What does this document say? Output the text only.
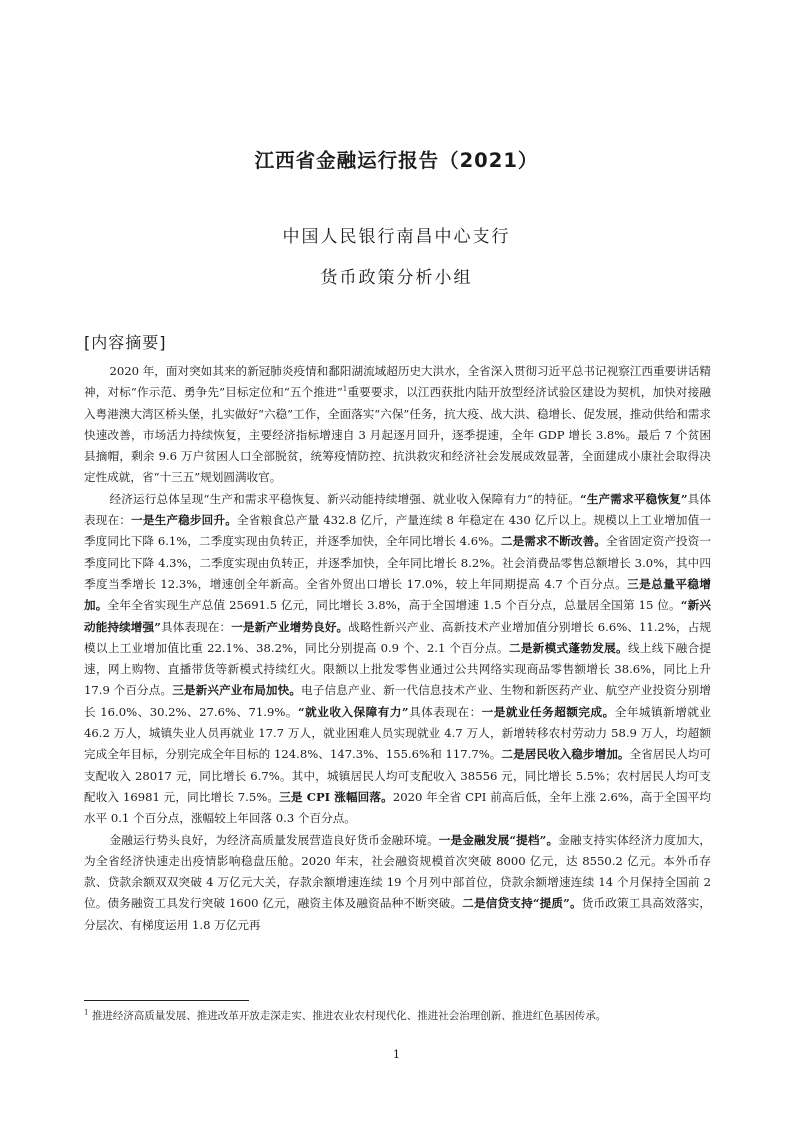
江西省金融运行报告（2021）
中国人民银行南昌中心支行
货币政策分析小组
[内容摘要]

2020 年，面对突如其来的新冠肺炎疫情和鄱阳湖流域超历史大洪水，全省深入贯彻习近平总书记视察江西重要讲话精神，对标“作示范、勇争先”目标定位和“五个推进”$^1$重要要求，以江西获批内陆开放型经济试验区建设为契机，加快对接融入粤港澳大湾区桥头堡，扎实做好“六稳”工作，全面落实“六保”任务，抗大疫、战大洪、稳增长、促发展，推动供给和需求快速改善，市场活力持续恢复，主要经济指标增速自 3 月起逐月回升，逐季提速，全年 GDP 增长 3.8%。最后 7 个贫困县摘帽，剩余 9.6 万户贫困人口全部脱贫，统筹疫情防控、抗洪救灾和经济社会发展成效显著，全面建成小康社会取得决定性成就，省“十三五”规划圆满收官。

经济运行总体呈现“生产和需求平稳恢复、新兴动能持续增强、就业收入保障有力”的特征。“生产需求平稳恢复”具体表现在：一是生产稳步回升。全省粮食总产量 432.8 亿斤，产量连续 8 年稳定在 430 亿斤以上。规模以上工业增加值一季度同比下降 6.1%，二季度实现由负转正，并逐季加快，全年同比增长 4.6%。二是需求不断改善。全省固定资产投资一季度同比下降 4.3%，二季度实现由负转正，并逐季加快，全年同比增长 8.2%。社会消费品零售总额增长 3.0%，其中四季度当季增长 12.3%，增速创全年新高。全省外贸出口增长 17.0%，较上年同期提高 4.7 个百分点。三是总量平稳增加。全年全省实现生产总值 25691.5 亿元，同比增长 3.8%，高于全国增速 1.5 个百分点，总量居全国第 15 位。“新兴动能持续增强”具体表现在：一是新产业增势良好。战略性新兴产业、高新技术产业增加值分别增长 6.6%、11.2%，占规模以上工业增加值比重 22.1%、38.2%，同比分别提高 0.9 个、2.1 个百分点。二是新模式蓬勃发展。线上线下融合提速，网上购物、直播带货等新模式持续红火。限额以上批发零售业通过公共网络实现商品零售额增长 38.6%，同比上升 17.9 个百分点。三是新兴产业布局加快。电子信息产业、新一代信息技术产业、生物和新医药产业、航空产业投资分别增长 16.0%、30.2%、27.6%、71.9%。“就业收入保障有力”具体表现在：一是就业任务超额完成。全年城镇新增就业 46.2 万人，城镇失业人员再就业 17.7 万人，就业困难人员实现就业 4.7 万人，新增转移农村劳动力 58.9 万人，均超额完成全年目标，分别完成全年目标的 124.8%、147.3%、155.6%和 117.7%。二是居民收入稳步增加。全省居民人均可支配收入 28017 元，同比增长 6.7%。其中，城镇居民人均可支配收入 38556 元，同比增长 5.5%；农村居民人均可支配收入 16981 元，同比增长 7.5%。三是 CPI 涨幅回落。2020 年全省 CPI 前高后低，全年上涨 2.6%，高于全国平均水平 0.1 个百分点，涨幅较上年回落 0.3 个百分点。

金融运行势头良好，为经济高质量发展营造良好货币金融环境。一是金融发展“提档”。金融支持实体经济力度加大，为全省经济快速走出疫情影响稳盘压舱。2020 年末，社会融资规模首次突破 8000 亿元，达 8550.2 亿元。本外币存款、贷款余额双双突破 4 万亿元大关，存款余额增速连续 19 个月列中部首位，贷款余额增速连续 14 个月保持全国前 2 位。债务融资工具发行突破 1600 亿元，融资主体及融资品种不断突破。二是信贷支持“提质”。货币政策工具高效落实，分层次、有梯度运用 1.8 万亿元再

$^1$ 推进经济高质量发展、推进改革开放走深走实、推进农业农村现代化、推进社会治理创新、推进红色基因传承。
1
